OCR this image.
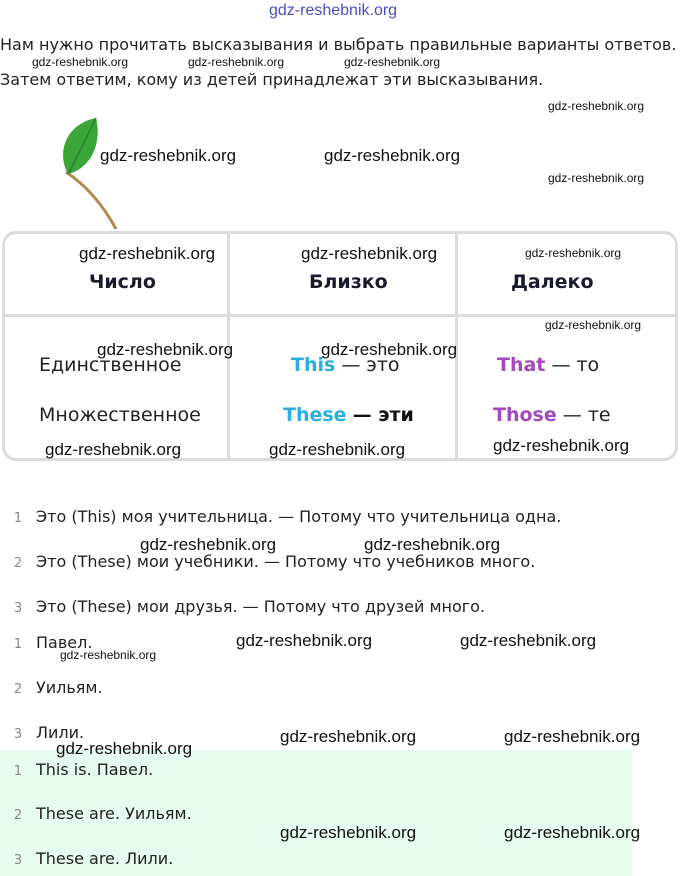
gdz-reshebnik.org
Нам нужно прочитать высказывания и выбрать правильные варианты ответов.
Затем ответим, кому из детей принадлежат эти высказывания.
gdz-reshebnik.org	gdz-reshebnik.org	gdz-reshebnik.org
gdz-reshebnik.org
gdz-reshebnik.org
gdz-reshebnik.org	gdz-reshebnik.org
gdz-reshebnik.org	gdz-reshebnik.org	gdz-reshebnik.org
Число	Близко	Далеко
gdz-reshebnik.org
gdz-reshebnik.org	gdz-reshebnik.org
Единственное	This — это	That — то
Множественное	These — эти	Those — те
gdz-reshebnik.org	gdz-reshebnik.org	gdz-reshebnik.org
1 Это (This) моя учительница. — Потому что учительница одна.
gdz-reshebnik.org	gdz-reshebnik.org
2 Это (These) мои учебники. — Потому что учебников много.
3 Это (These) мои друзья. — Потому что друзей много.
1 Павел.	gdz-reshebnik.org	gdz-reshebnik.org
gdz-reshebnik.org
2 Уильям.
3 Лили.	gdz-reshebnik.org	gdz-reshebnik.org
gdz-reshebnik.org
1 This is. Павел.
2 These are. Уильям.
gdz-reshebnik.org	gdz-reshebnik.org
3 These are. Лили.
